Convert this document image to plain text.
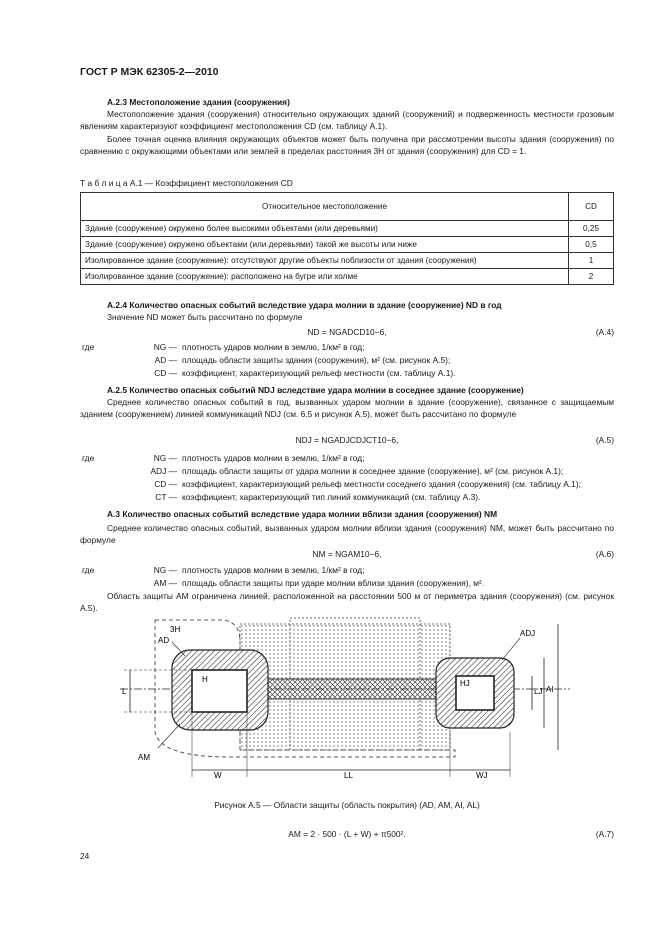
ГОСТ Р МЭК 62305-2—2010
А.2.3 Местоположение здания (сооружения)
Местоположение здания (сооружения) относительно окружающих зданий (сооружений) и подверженность местности грозовым явлениям характеризуют коэффициент местоположения CD (см. таблицу А.1).
Более точная оценка влияния окружающих объектов может быть получена при рассмотрении высоты здания (сооружения) по сравнению с окружающими объектами или землей в пределах расстояния 3H от здания (сооружения) для CD = 1.
Т а б л и ц а А.1 — Коэффициент местоположения CD
Относительное местоположение	CD
Здание (сооружение) окружено более высокими объектами (или деревьями)	0,25
Здание (сооружение) окружено объектами (или деревьями) такой же высоты или ниже	0,5
Изолированное здание (сооружение): отсутствуют другие объекты поблизости от здания (сооружения)	1
Изолированное здание (сооружение): расположено на бугре или холме	2
А.2.4 Количество опасных событий вследствие удара молнии в здание (сооружение) ND в год
Значение ND может быть рассчитано по формуле
ND = NGADCD10−6,	(А.4)
где	NG — плотность ударов молнии в землю, 1/км² в год;
AD — площадь области защиты здания (сооружения), м² (см. рисунок А.5);
CD — коэффициент, характеризующий рельеф местности (см. таблицу А.1).
А.2.5 Количество опасных событий NDJ вследствие удара молнии в соседнее здание (сооружение)
Среднее количество опасных событий в год, вызванных ударом молнии в здание (сооружение), связанное с защищаемым зданием (сооружением) линией коммуникаций NDJ (см. 6.5 и рисунок А.5), может быть рассчитано по формуле
NDJ = NGADJCDJCT10−6,	(А.5)
где	NG — плотность ударов молнии в землю, 1/км² в год;
ADJ — площадь области защиты от удара молнии в соседнее здание (сооружение), м² (см. рисунок А.1);
CD — коэффициент, характеризующий рельеф местности соседнего здания (сооружения) (см. таблицу А.1);
CT — коэффициент, характеризующий тип линий коммуникаций (см. таблицу А.3).
А.3 Количество опасных событий вследствие удара молнии вблизи здания (сооружения) NM
Среднее количество опасных событий, вызванных ударом молнии вблизи здания (сооружения) NM, может быть рассчитано по формуле
NM = NGAM10−6,	(А.6)
где	NG — плотность ударов молнии в землю, 1/км² в год;
AM — площадь области защиты при ударе молнии вблизи здания (сооружения), м².
Область защиты AM ограничена линией, расположенной на расстоянии 500 м от периметра здания (сооружения) (см. рисунок А.5).
3H
AD
H
ADJ
HJ
L	LJ AI
AM
W	LL	WJ
Рисунок А.5 — Области защиты (область покрытия) (AD, AM, AI, AL)
AM = 2 · 500 · (L + W) + π500².	(А.7)
24
